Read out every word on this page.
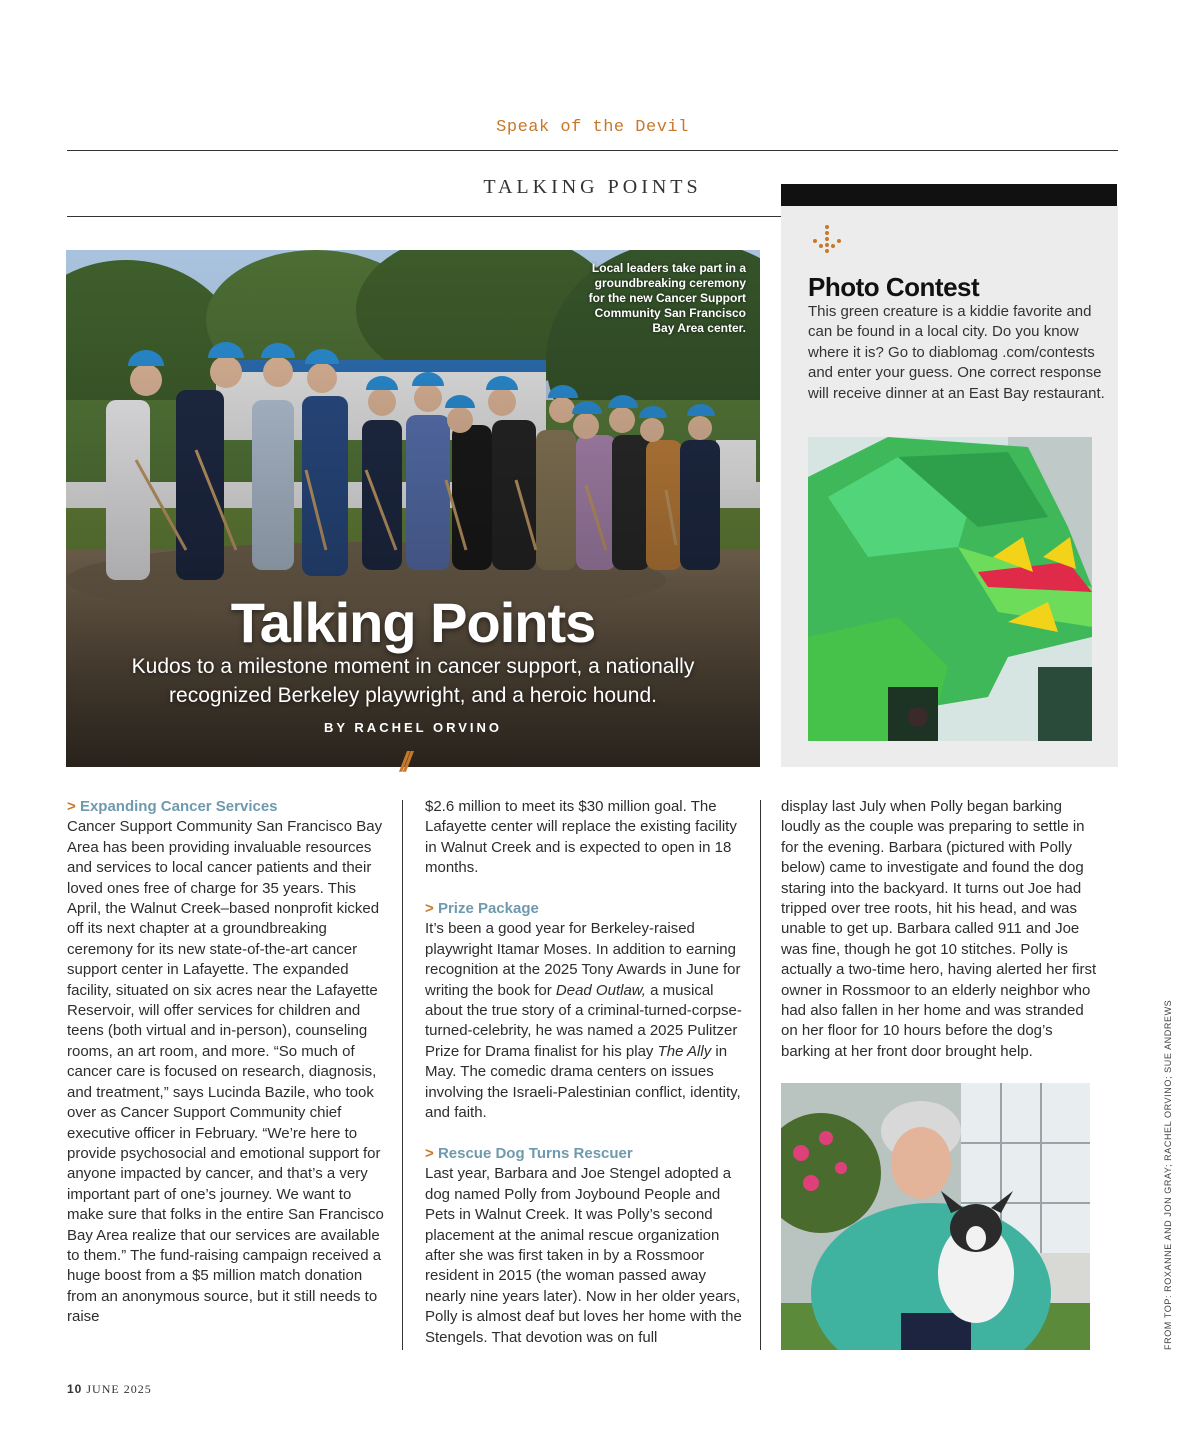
Speak of the Devil
TALKING POINTS
Local leaders take part in a groundbreaking ceremony for the new Cancer Support Community San Francisco Bay Area center.
Talking Points
Kudos to a milestone moment in cancer support, a nationally recognized Berkeley playwright, and a heroic hound.
BY RACHEL ORVINO
//
Photo Contest
This green creature is a kiddie favorite and can be found in a local city. Do you know where it is? Go to diablomag .com/contests and enter your guess. One correct response will receive dinner at an East Bay restaurant.
> Expanding Cancer Services

Cancer Support Community San Francisco Bay Area has been providing invaluable resources and services to local cancer patients and their loved ones free of charge for 35 years. This April, the Walnut Creek–based nonprofit kicked off its next chapter at a groundbreaking ceremony for its new state-of-the-art cancer support center in Lafayette. The expanded facility, situated on six acres near the Lafayette Reservoir, will offer services for children and teens (both virtual and in-person), counseling rooms, an art room, and more. “So much of cancer care is focused on research, diagnosis, and treatment,” says Lucinda Bazile, who took over as Cancer Support Community chief executive officer in February. “We’re here to provide psychosocial and emotional support for anyone impacted by cancer, and that’s a very important part of one’s journey. We want to make sure that folks in the entire San Francisco Bay Area realize that our services are available to them.” The fund-raising campaign received a huge boost from a $5 million match donation from an anonymous source, but it still needs to raise

$2.6 million to meet its $30 million goal. The Lafayette center will replace the existing facility in Walnut Creek and is expected to open in 18 months.

> Prize Package

It’s been a good year for Berkeley-raised playwright Itamar Moses. In addition to earning recognition at the 2025 Tony Awards in June for writing the book for Dead Outlaw, a musical about the true story of a criminal-turned-corpse-turned-celebrity, he was named a 2025 Pulitzer Prize for Drama finalist for his play The Ally in May. The comedic drama centers on issues involving the Israeli-Palestinian conflict, identity, and faith.

> Rescue Dog Turns Rescuer

Last year, Barbara and Joe Stengel adopted a dog named Polly from Joybound People and Pets in Walnut Creek. It was Polly’s second placement at the animal rescue organization after she was first taken in by a Rossmoor resident in 2015 (the woman passed away nearly nine years later). Now in her older years, Polly is almost deaf but loves her home with the Stengels. That devotion was on full

display last July when Polly began barking loudly as the couple was preparing to settle in for the evening. Barbara (pictured with Polly below) came to investigate and found the dog staring into the backyard. It turns out Joe had tripped over tree roots, hit his head, and was unable to get up. Barbara called 911 and Joe was fine, though he got 10 stitches. Polly is actually a two-time hero, having alerted her first owner in Rossmoor to an elderly neighbor who had also fallen in her home and was stranded on her floor for 10 hours before the dog’s barking at her front door brought help.	FROM TOP: ROXANNE AND JON GRAY; RACHEL ORVINO; SUE ANDREWS
10 JUNE 2025
